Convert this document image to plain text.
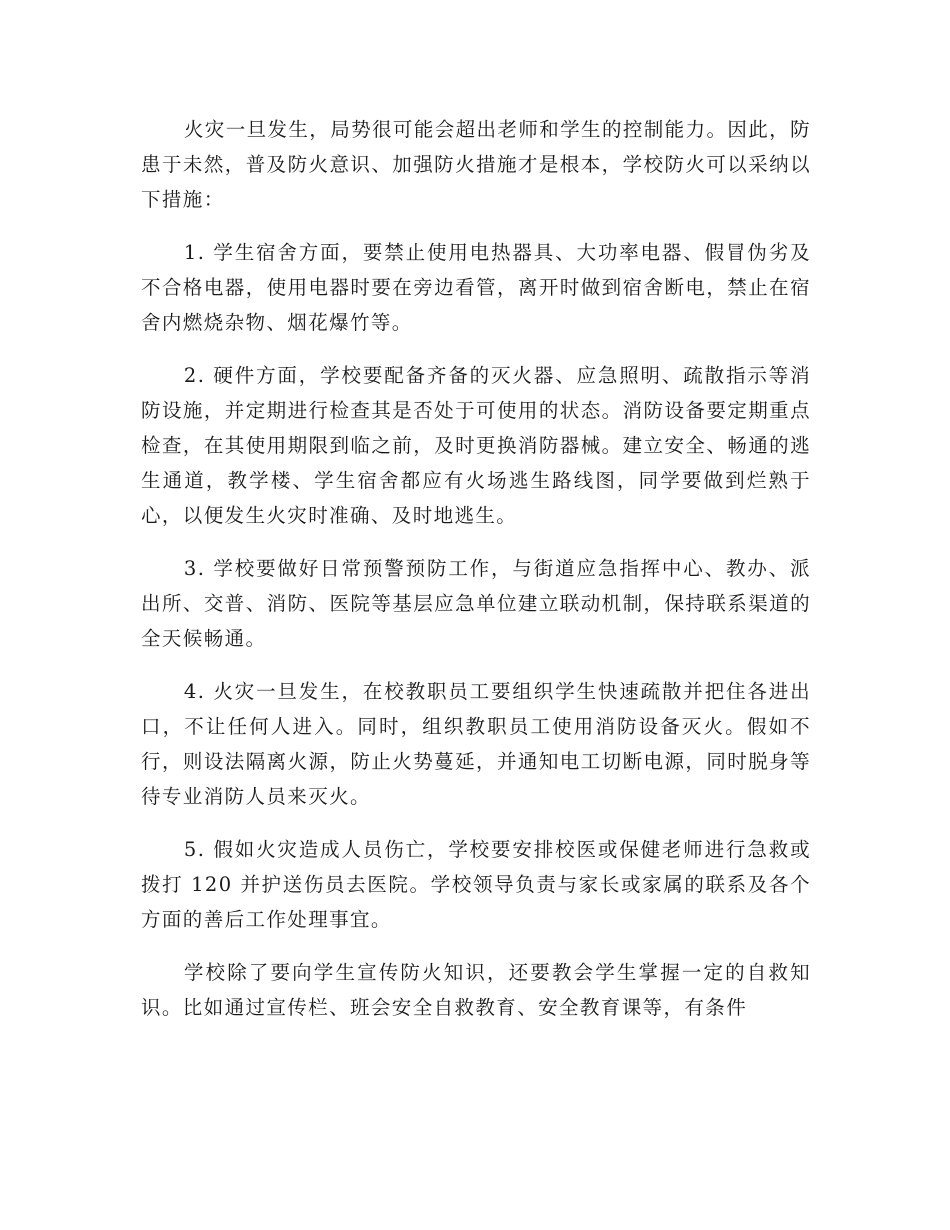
火灾一旦发生，局势很可能会超出老师和学生的控制能力。因此，防患于未然，普及防火意识、加强防火措施才是根本，学校防火可以采纳以下措施：

1. 学生宿舍方面，要禁止使用电热器具、大功率电器、假冒伪劣及不合格电器，使用电器时要在旁边看管，离开时做到宿舍断电，禁止在宿舍内燃烧杂物、烟花爆竹等。

2. 硬件方面，学校要配备齐备的灭火器、应急照明、疏散指示等消防设施，并定期进行检查其是否处于可使用的状态。消防设备要定期重点检查，在其使用期限到临之前，及时更换消防器械。建立安全、畅通的逃生通道，教学楼、学生宿舍都应有火场逃生路线图，同学要做到烂熟于心，以便发生火灾时准确、及时地逃生。

3. 学校要做好日常预警预防工作，与街道应急指挥中心、教办、派出所、交普、消防、医院等基层应急单位建立联动机制，保持联系渠道的全天候畅通。

4. 火灾一旦发生，在校教职员工要组织学生快速疏散并把住各进出口，不让任何人进入。同时，组织教职员工使用消防设备灭火。假如不行，则设法隔离火源，防止火势蔓延，并通知电工切断电源，同时脱身等待专业消防人员来灭火。

5. 假如火灾造成人员伤亡，学校要安排校医或保健老师进行急救或拨打 120 并护送伤员去医院。学校领导负责与家长或家属的联系及各个方面的善后工作处理事宜。

学校除了要向学生宣传防火知识，还要教会学生掌握一定的自救知识。比如通过宣传栏、班会安全自救教育、安全教育课等，有条件
